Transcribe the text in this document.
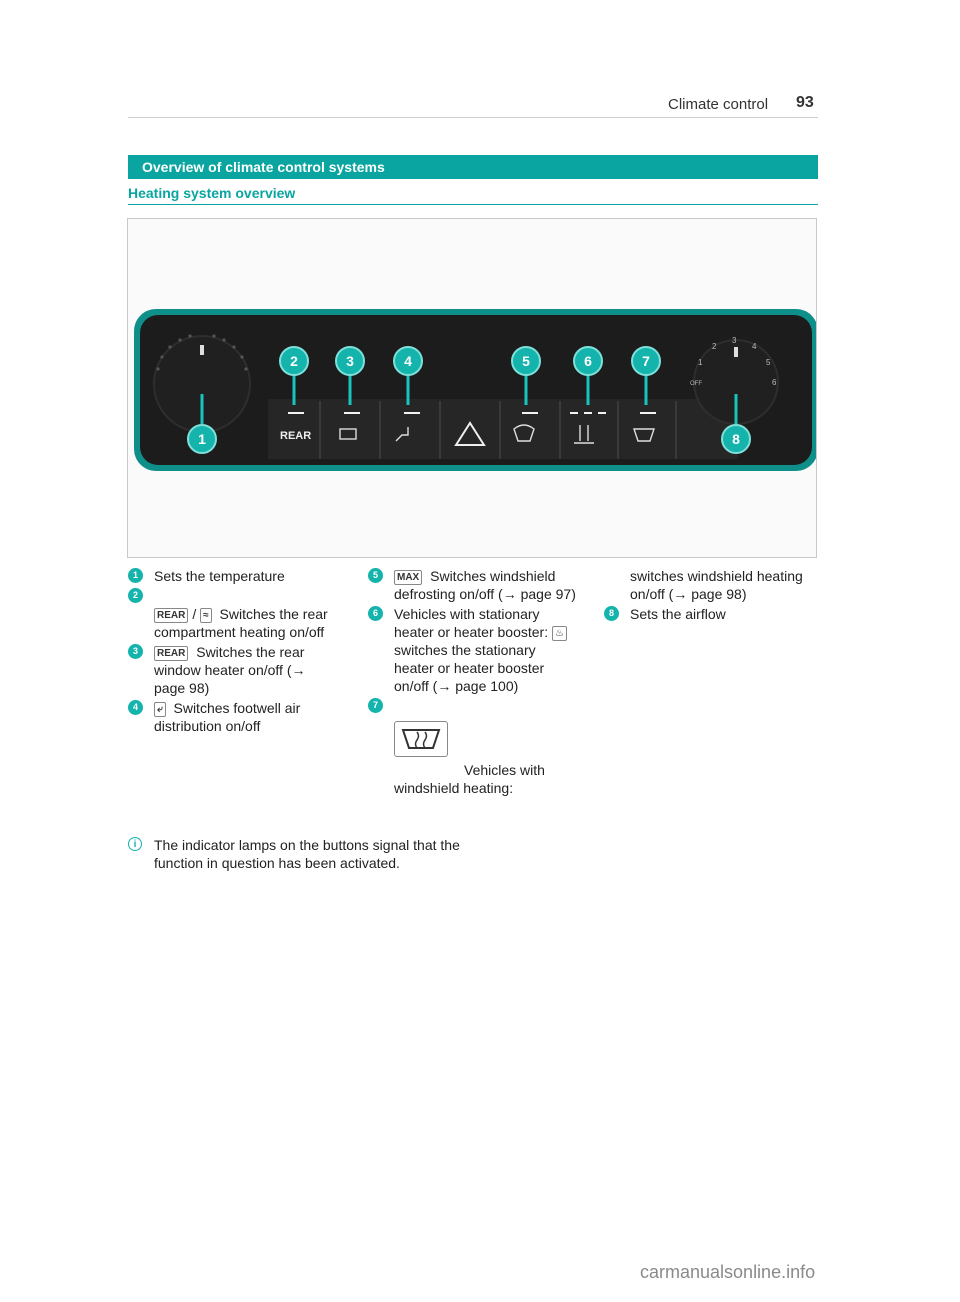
Climate control 93
Overview of climate control systems
Heating system overview
1
2
3
4
5
6
OFF
REAR
1
2	3	4	5	6	7
8
1	Sets the temperature
2
REAR / ≈ Switches the rear compartment heating on/off
3	REAR Switches the rear window heater on/off (→ page 98)
4	⤶ Switches footwell air distribution on/off
5	MAX Switches windshield defrosting on/off (→ page 97)
6	Vehicles with stationary heater or heater booster: ♨ switches the stationary heater or heater booster on/off (→ page 100)
7
Vehicles with windshield heating:
switches windshield heating on/off (→ page 98)
8	Sets the airflow
i	The indicator lamps on the buttons signal that the function in question has been activated.
carmanualsonline.info
